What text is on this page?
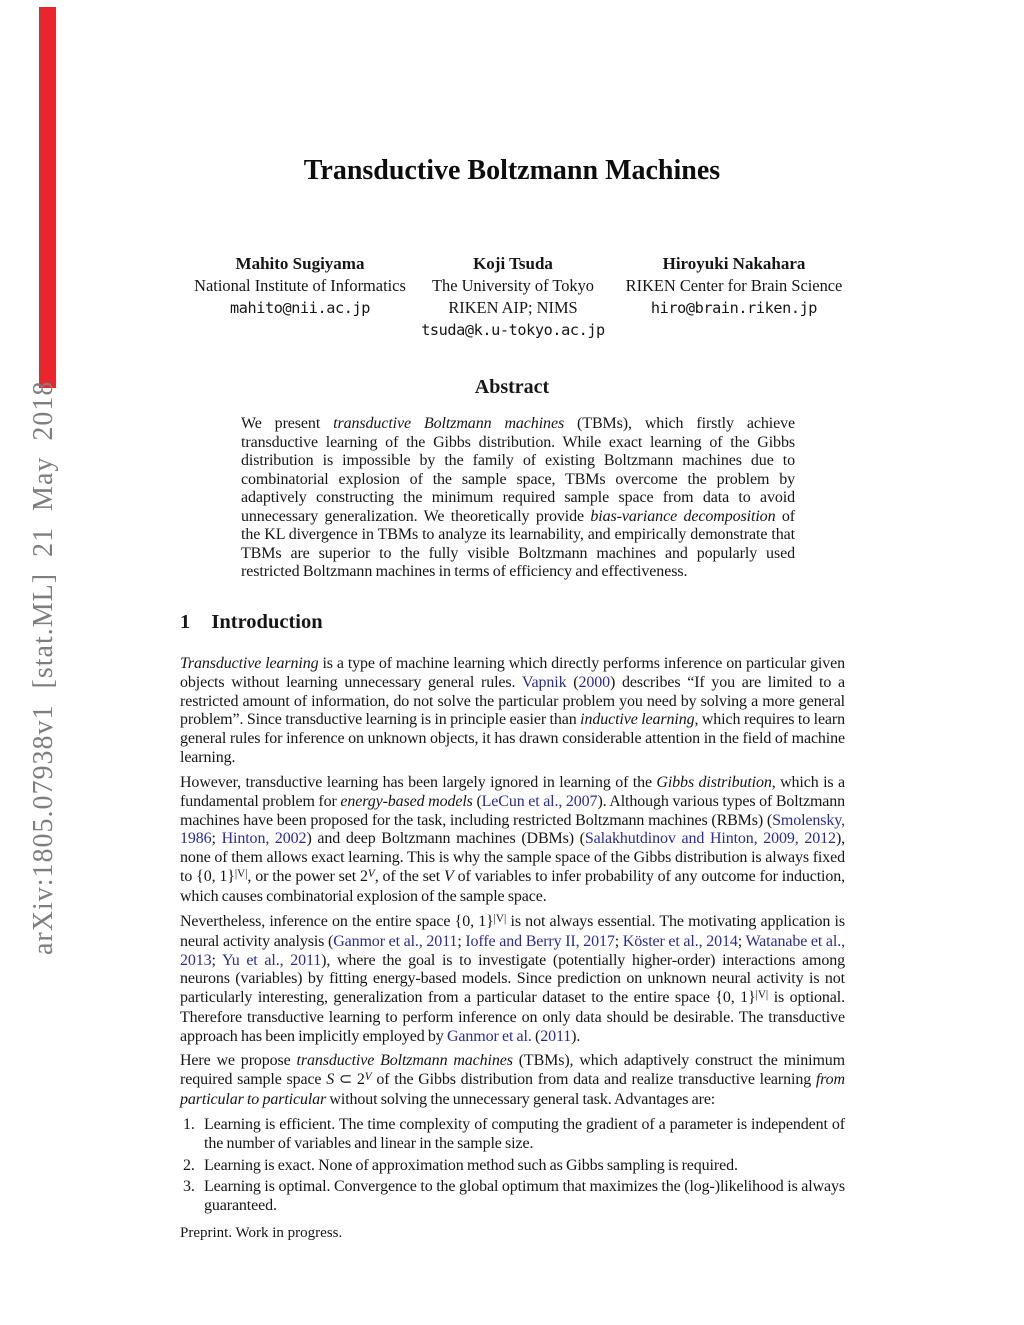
arXiv:1805.07938v1 [stat.ML] 21 May 2018
Transductive Boltzmann Machines
Mahito Sugiyama
National Institute of Informatics
mahito@nii.ac.jp
Koji Tsuda
The University of Tokyo
RIKEN AIP; NIMS
tsuda@k.u-tokyo.ac.jp
Hiroyuki Nakahara
RIKEN Center for Brain Science
hiro@brain.riken.jp
Abstract
We present transductive Boltzmann machines (TBMs), which firstly achieve transductive learning of the Gibbs distribution. While exact learning of the Gibbs distribution is impossible by the family of existing Boltzmann machines due to combinatorial explosion of the sample space, TBMs overcome the problem by adaptively constructing the minimum required sample space from data to avoid unnecessary generalization. We theoretically provide bias-variance decomposition of the KL divergence in TBMs to analyze its learnability, and empirically demonstrate that TBMs are superior to the fully visible Boltzmann machines and popularly used restricted Boltzmann machines in terms of efficiency and effectiveness.
1 Introduction
Transductive learning is a type of machine learning which directly performs inference on particular given objects without learning unnecessary general rules. Vapnik (2000) describes “If you are limited to a restricted amount of information, do not solve the particular problem you need by solving a more general problem”. Since transductive learning is in principle easier than inductive learning, which requires to learn general rules for inference on unknown objects, it has drawn considerable attention in the field of machine learning.
However, transductive learning has been largely ignored in learning of the Gibbs distribution, which is a fundamental problem for energy-based models (LeCun et al., 2007). Although various types of Boltzmann machines have been proposed for the task, including restricted Boltzmann machines (RBMs) (Smolensky, 1986; Hinton, 2002) and deep Boltzmann machines (DBMs) (Salakhutdinov and Hinton, 2009, 2012), none of them allows exact learning. This is why the sample space of the Gibbs distribution is always fixed to {0, 1}$^{|V|}$, or the power set $2^V$, of the set V of variables to infer probability of any outcome for induction, which causes combinatorial explosion of the sample space.
Nevertheless, inference on the entire space {0, 1}$^{|V|}$ is not always essential. The motivating application is neural activity analysis (Ganmor et al., 2011; Ioffe and Berry II, 2017; Köster et al., 2014; Watanabe et al., 2013; Yu et al., 2011), where the goal is to investigate (potentially higher-order) interactions among neurons (variables) by fitting energy-based models. Since prediction on unknown neural activity is not particularly interesting, generalization from a particular dataset to the entire space {0, 1}$^{|V|}$ is optional. Therefore transductive learning to perform inference on only data should be desirable. The transductive approach has been implicitly employed by Ganmor et al. (2011).
Here we propose transductive Boltzmann machines (TBMs), which adaptively construct the minimum required sample space S ⊂ $2^V$ of the Gibbs distribution from data and realize transductive learning from particular to particular without solving the unnecessary general task. Advantages are:
1. Learning is efficient. The time complexity of computing the gradient of a parameter is independent of the number of variables and linear in the sample size.
2. Learning is exact. None of approximation method such as Gibbs sampling is required.
3. Learning is optimal. Convergence to the global optimum that maximizes the (log-)likelihood is always guaranteed.
Preprint. Work in progress.
